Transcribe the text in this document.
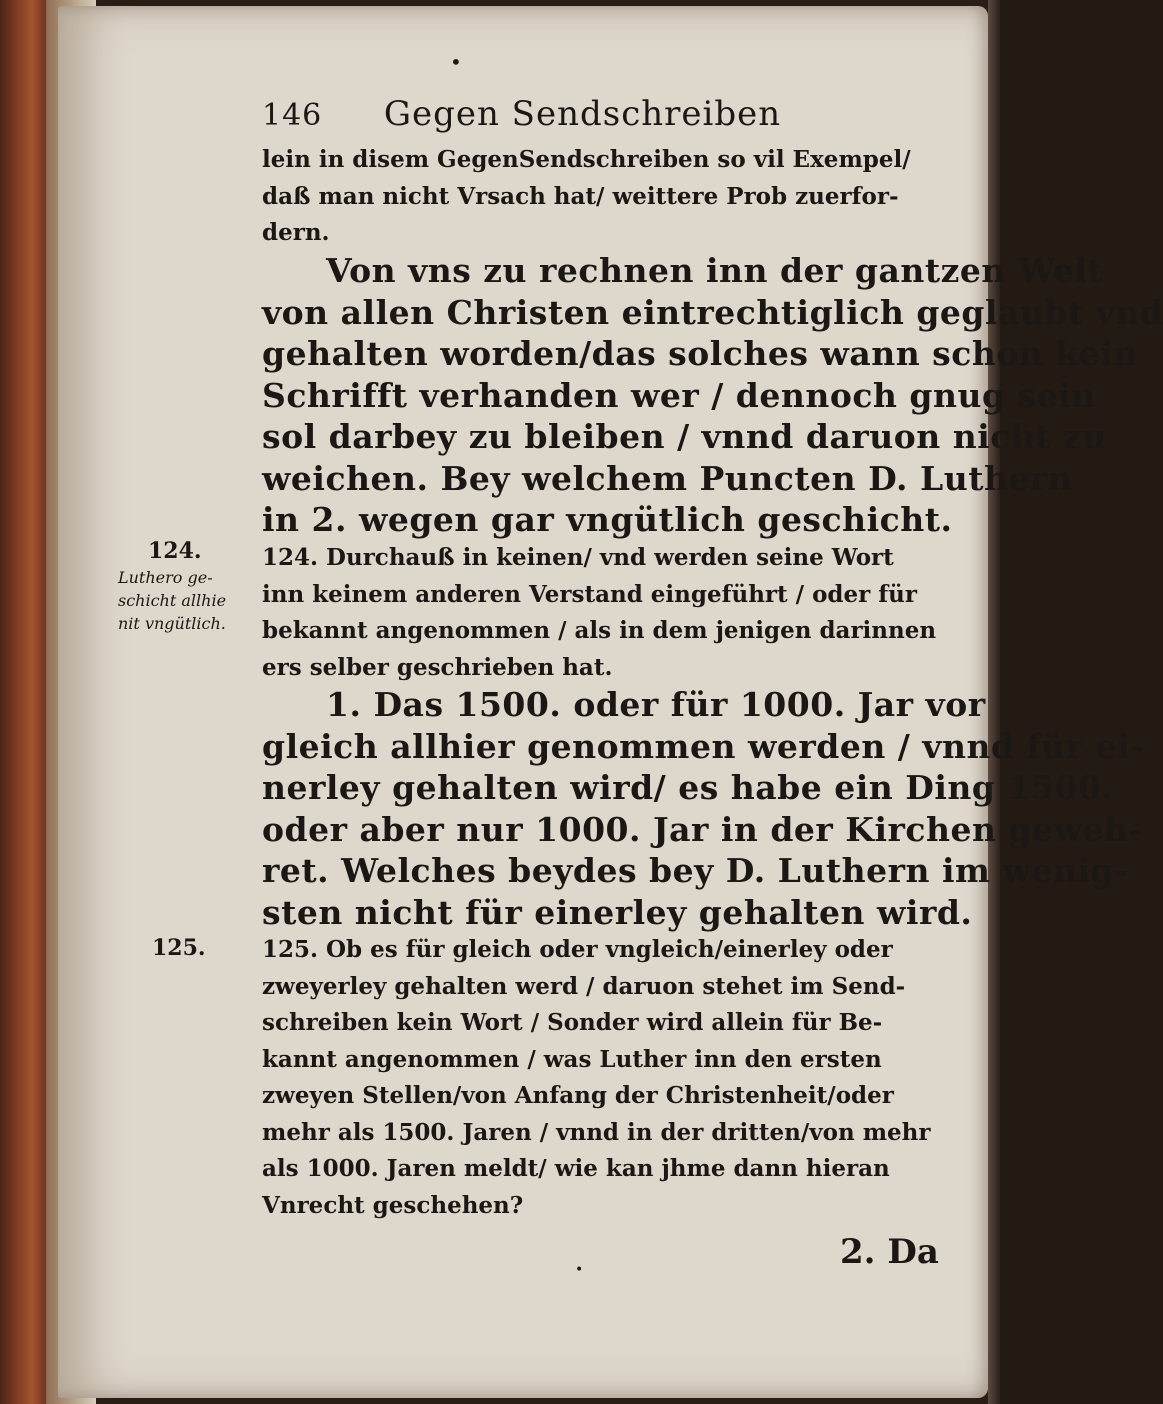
•
•
146 Gegen Sendschreiben
lein in disem GegenSendschreiben so vil Exempel/
daß man nicht Vrsach hat/ weittere Prob zuerfor-
dern.
Von vns zu rechnen inn der gantzen Welt
von allen Christen eintrechtiglich geglaubt vnd
gehalten worden/das solches wann schon kein
Schrifft verhanden wer / dennoch gnug sein
sol darbey zu bleiben / vnnd daruon nicht zu
weichen. Bey welchem Puncten D. Luthern
in 2. wegen gar vngütlich geschicht.
124.
Luthero ge-
schicht allhie
nit vngütlich.
124. Durchauß in keinen/ vnd werden seine Wort
inn keinem anderen Verstand eingeführt / oder für
bekannt angenommen / als in dem jenigen darinnen
ers selber geschrieben hat.
1. Das 1500. oder für 1000. Jar vor
gleich allhier genommen werden / vnnd für ei-
nerley gehalten wird/ es habe ein Ding 1500.
oder aber nur 1000. Jar in der Kirchen geweh-
ret. Welches beydes bey D. Luthern im wenig-
sten nicht für einerley gehalten wird.
125. 125. Ob es für gleich oder vngleich/einerley oder
zweyerley gehalten werd / daruon stehet im Send-
schreiben kein Wort / Sonder wird allein für Be-
kannt angenommen / was Luther inn den ersten
zweyen Stellen/von Anfang der Christenheit/oder
mehr als 1500. Jaren / vnnd in der dritten/von mehr
als 1000. Jaren meldt/ wie kan jhme dann hieran
Vnrecht geschehen?
2. Da
